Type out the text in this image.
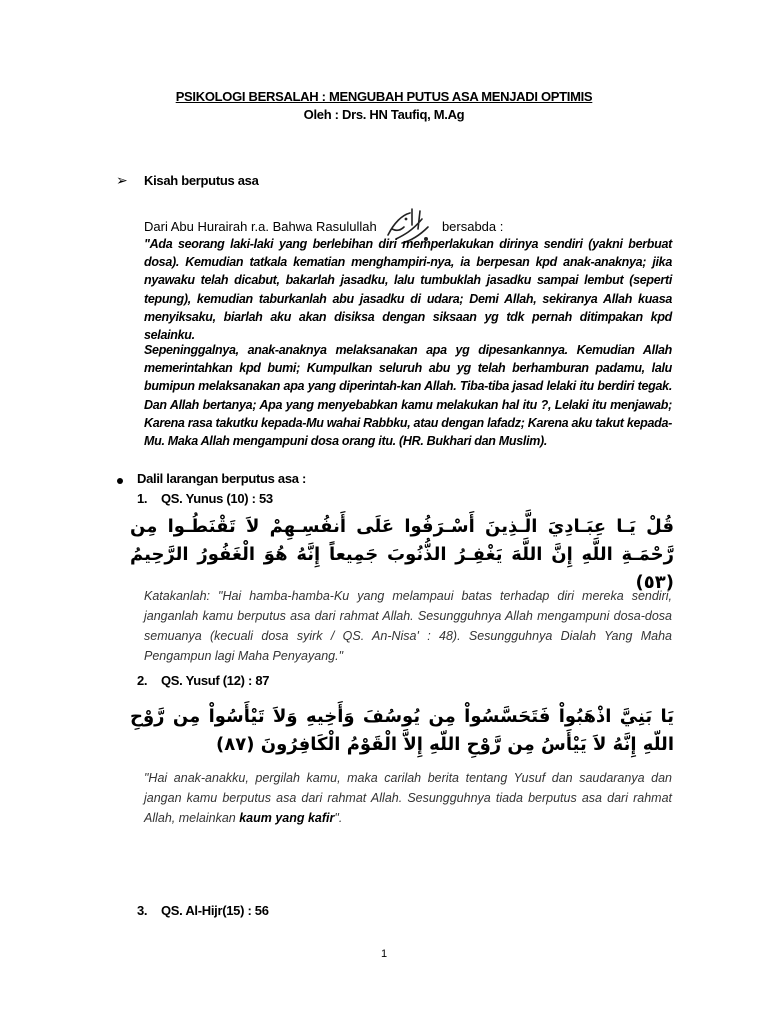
PSIKOLOGI BERSALAH : MENGUBAH PUTUS ASA MENJADI OPTIMIS
Oleh : Drs. HN Taufiq, M.Ag
➢ Kisah berputus asa
Dari Abu Hurairah r.a. Bahwa Rasulullah	bersabda :
"Ada seorang laki-laki yang berlebihan diri memperlakukan dirinya sendiri (yakni berbuat dosa). Kemudian tatkala kematian menghampiri-nya, ia berpesan kpd anak-anaknya; jika nyawaku telah dicabut, bakarlah jasadku, lalu tumbuklah jasadku sampai lembut (seperti tepung), kemudian taburkanlah abu jasadku di udara; Demi Allah, sekiranya Allah kuasa menyiksaku, biarlah aku akan disiksa dengan siksaan yg tdk pernah ditimpakan kpd selainku.
Sepeninggalnya, anak-anaknya melaksanakan apa yg dipesankannya. Kemudian Allah memerintahkan kpd bumi; Kumpulkan seluruh abu yg telah berhamburan padamu, lalu bumipun melaksanakan apa yang diperintah-kan Allah. Tiba-tiba jasad lelaki itu berdiri tegak. Dan Allah bertanya; Apa yang menyebabkan kamu melakukan hal itu ?, Lelaki itu menjawab; Karena rasa takutku kepada-Mu wahai Rabbku, atau dengan lafadz; Karena aku takut kepada-Mu. Maka Allah mengampuni dosa orang itu. (HR. Bukhari dan Muslim).
Dalil larangan berputus asa :
1. QS. Yunus (10) : 53
قُلْ يَـا عِبَـادِيَ الَّـذِينَ أَسْـرَفُوا عَلَى أَنفُسِـهِمْ لاَ تَقْنَطُـوا مِن رَّحْمَـةِ اللَّهِ إِنَّ اللَّهَ يَغْفِـرُ الذُّنُوبَ جَمِيعاً إِنَّهُ هُوَ الْغَفُورُ الرَّحِيمُ (٥٣)
Katakanlah: "Hai hamba-hamba-Ku yang melampaui batas terhadap diri mereka sendiri, janganlah kamu berputus asa dari rahmat Allah. Sesungguhnya Allah mengampuni dosa-dosa semuanya (kecuali dosa syirk / QS. An-Nisa' : 48). Sesungguhnya Dialah Yang Maha Pengampun lagi Maha Penyayang."
2. QS. Yusuf (12) : 87
يَا بَنِيَّ اذْهَبُواْ فَتَحَسَّسُواْ مِن يُوسُفَ وَأَخِيهِ وَلاَ تَيْأَسُواْ مِن رَّوْحِ اللّهِ إِنَّهُ لاَ يَيْأَسُ مِن رَّوْحِ اللّهِ إِلاَّ الْقَوْمُ الْكَافِرُونَ (٨٧)
"Hai anak-anakku, pergilah kamu, maka carilah berita tentang Yusuf dan saudaranya dan jangan kamu berputus asa dari rahmat Allah. Sesungguhnya tiada berputus asa dari rahmat Allah, melainkan kaum yang kafir".
3. QS. Al-Hijr(15) : 56
1
